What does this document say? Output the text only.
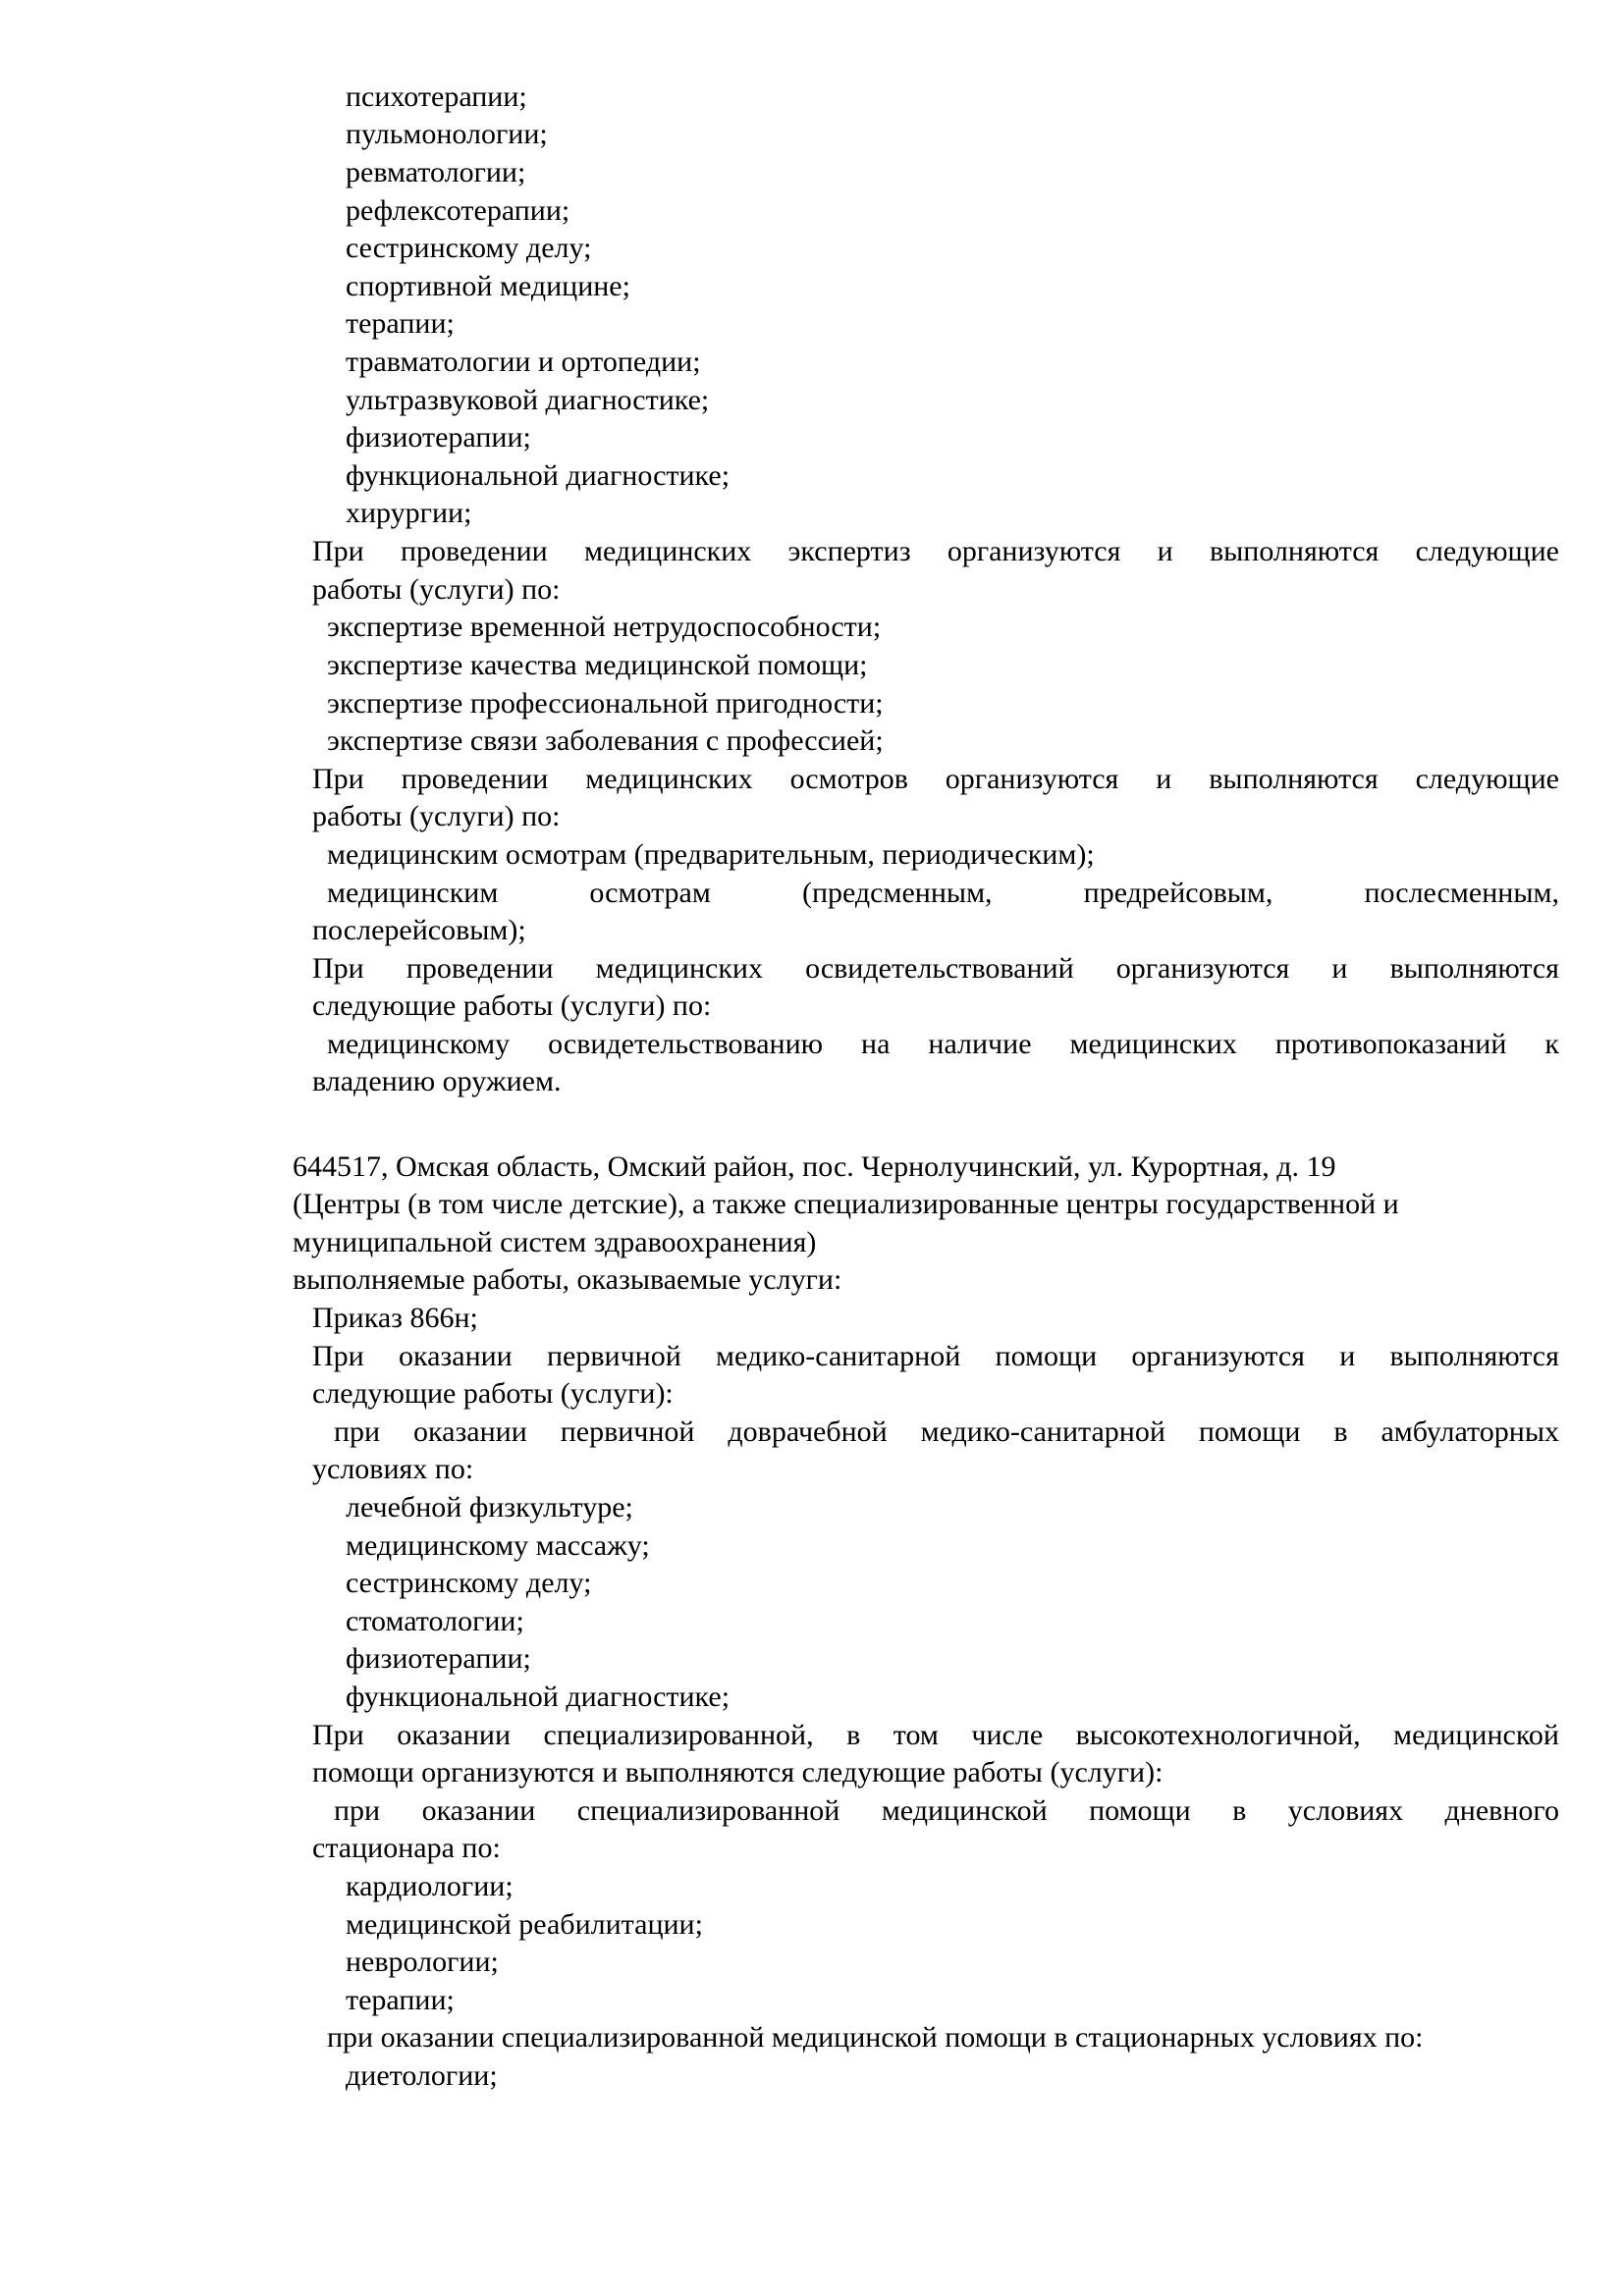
психотерапии;
пульмонологии;
ревматологии;
рефлексотерапии;
сестринскому делу;
спортивной медицине;
терапии;
травматологии и ортопедии;
ультразвуковой диагностике;
физиотерапии;
функциональной диагностике;
хирургии;
При проведении медицинских экспертиз организуются и выполняются следующие
работы (услуги) по:
экспертизе временной нетрудоспособности;
экспертизе качества медицинской помощи;
экспертизе профессиональной пригодности;
экспертизе связи заболевания с профессией;
При проведении медицинских осмотров организуются и выполняются следующие
работы (услуги) по:
медицинским осмотрам (предварительным, периодическим);
медицинским	осмотрам	(предсменным,	предрейсовым,	послесменным,
послерейсовым);
При проведении медицинских освидетельствований организуются и выполняются
следующие работы (услуги) по:
медицинскому освидетельствованию на наличие медицинских противопоказаний к
владению оружием.
644517, Омская область, Омский район, пос. Чернолучинский, ул. Курортная, д. 19
(Центры (в том числе детские), а также специализированные центры государственной и
муниципальной систем здравоохранения)
выполняемые работы, оказываемые услуги:
Приказ 866н;
При оказании первичной медико-санитарной помощи организуются и выполняются
следующие работы (услуги):
при оказании первичной доврачебной медико-санитарной помощи в амбулаторных
условиях по:
лечебной физкультуре;
медицинскому массажу;
сестринскому делу;
стоматологии;
физиотерапии;
функциональной диагностике;
При оказании специализированной, в том числе высокотехнологичной, медицинской
помощи организуются и выполняются следующие работы (услуги):
при оказании специализированной медицинской помощи в условиях дневного
стационара по:
кардиологии;
медицинской реабилитации;
неврологии;
терапии;
при оказании специализированной медицинской помощи в стационарных условиях по:
диетологии;
